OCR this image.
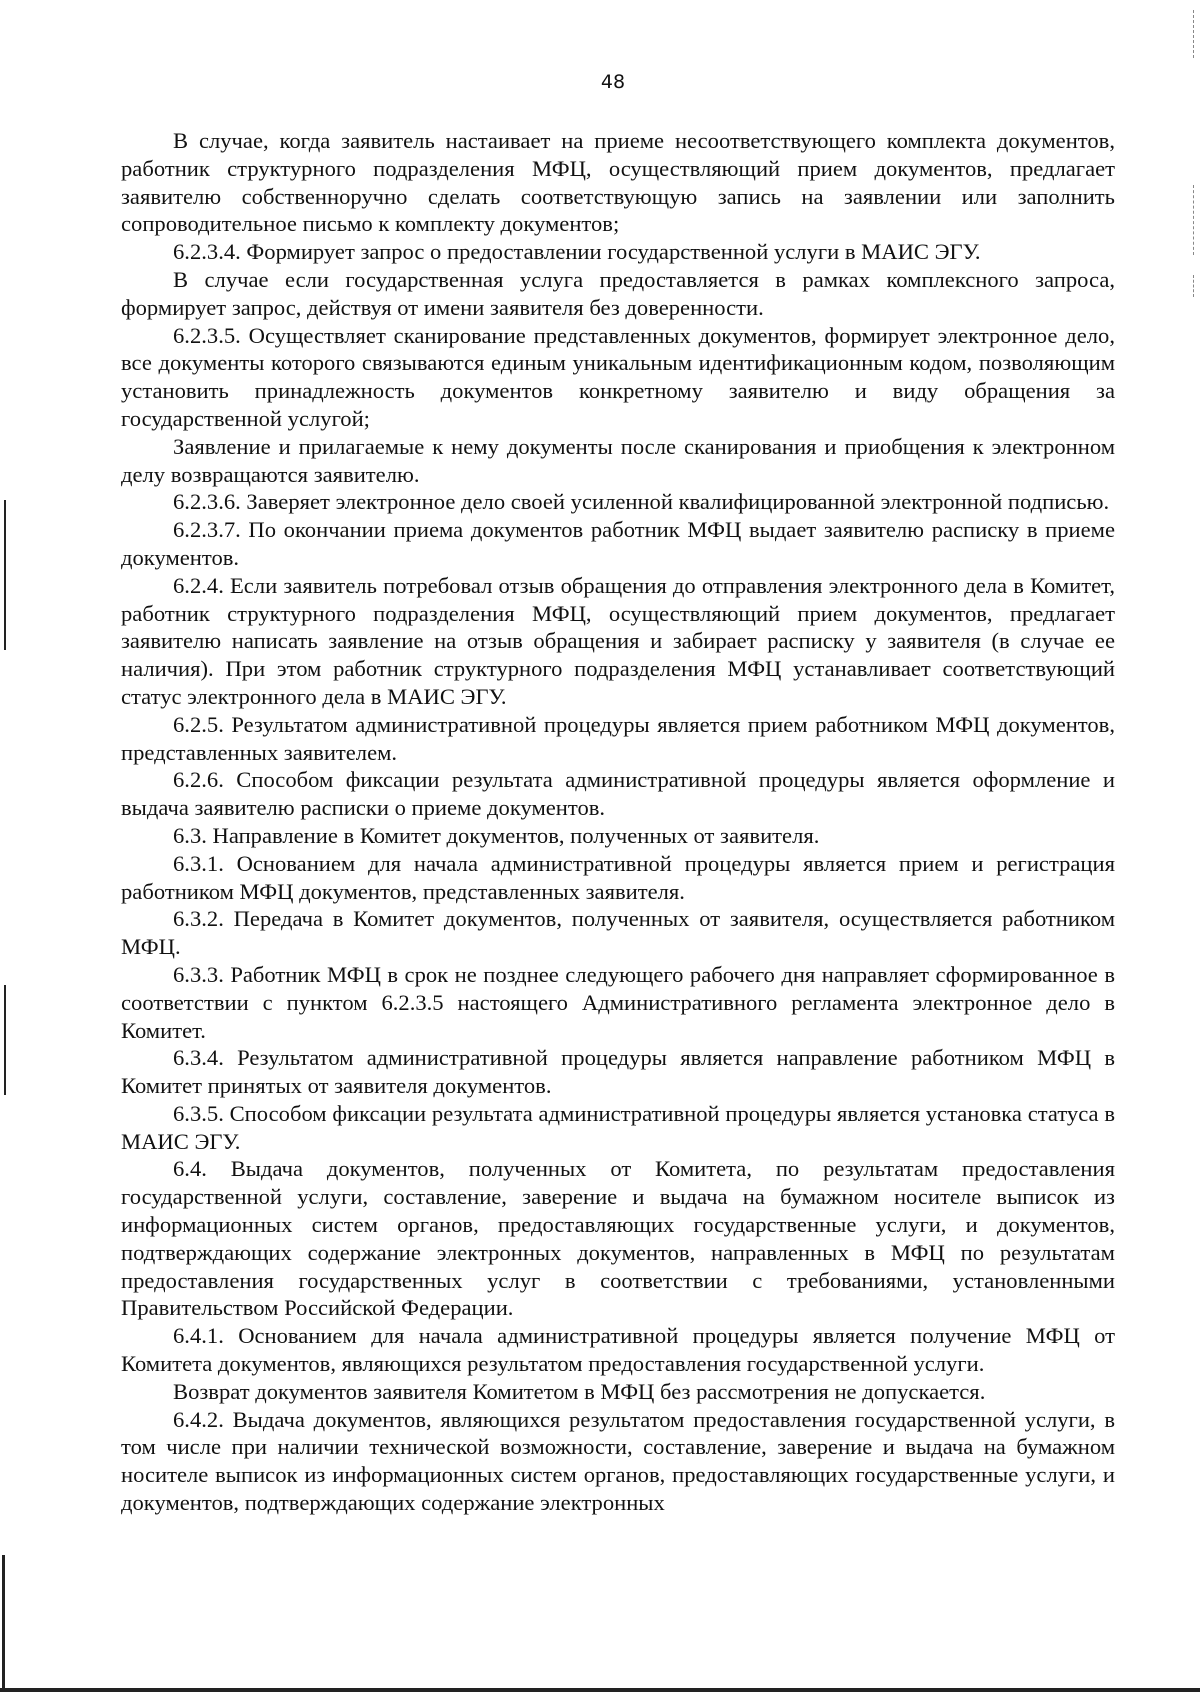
48

В случае, когда заявитель настаивает на приеме несоответствующего комплекта документов, работник структурного подразделения МФЦ, осуществляющий прием документов, предлагает заявителю собственноручно сделать соответствующую запись на заявлении или заполнить сопроводительное письмо к комплекту документов;

6.2.3.4. Формирует запрос о предоставлении государственной услуги в МАИС ЭГУ.

В случае если государственная услуга предоставляется в рамках комплексного запроса, формирует запрос, действуя от имени заявителя без доверенности.

6.2.3.5. Осуществляет сканирование представленных документов, формирует электронное дело, все документы которого связываются единым уникальным идентификационным кодом, позволяющим установить принадлежность документов конкретному заявителю и виду обращения за государственной услугой;

Заявление и прилагаемые к нему документы после сканирования и приобщения к электронном делу возвращаются заявителю.

6.2.3.6. Заверяет электронное дело своей усиленной квалифицированной электронной подписью.

6.2.3.7. По окончании приема документов работник МФЦ выдает заявителю расписку в приеме документов.

6.2.4. Если заявитель потребовал отзыв обращения до отправления электронного дела в Комитет, работник структурного подразделения МФЦ, осуществляющий прием документов, предлагает заявителю написать заявление на отзыв обращения и забирает расписку у заявителя (в случае ее наличия). При этом работник структурного подразделения МФЦ устанавливает соответствующий статус электронного дела в МАИС ЭГУ.

6.2.5. Результатом административной процедуры является прием работником МФЦ документов, представленных заявителем.

6.2.6. Способом фиксации результата административной процедуры является оформление и выдача заявителю расписки о приеме документов.

6.3. Направление в Комитет документов, полученных от заявителя.

6.3.1. Основанием для начала административной процедуры является прием и регистрация работником МФЦ документов, представленных заявителя.

6.3.2. Передача в Комитет документов, полученных от заявителя, осуществляется работником МФЦ.

6.3.3. Работник МФЦ в срок не позднее следующего рабочего дня направляет сформированное в соответствии с пунктом 6.2.3.5 настоящего Административного регламента электронное дело в Комитет.

6.3.4. Результатом административной процедуры является направление работником МФЦ в Комитет принятых от заявителя документов.

6.3.5. Способом фиксации результата административной процедуры является установка статуса в МАИС ЭГУ.

6.4. Выдача документов, полученных от Комитета, по результатам предоставления государственной услуги, составление, заверение и выдача на бумажном носителе выписок из информационных систем органов, предоставляющих государственные услуги, и документов, подтверждающих содержание электронных документов, направленных в МФЦ по результатам предоставления государственных услуг в соответствии с требованиями, установленными Правительством Российской Федерации.

6.4.1. Основанием для начала административной процедуры является получение МФЦ от Комитета документов, являющихся результатом предоставления государственной услуги.

Возврат документов заявителя Комитетом в МФЦ без рассмотрения не допускается.

6.4.2. Выдача документов, являющихся результатом предоставления государственной услуги, в том числе при наличии технической возможности, составление, заверение и выдача на бумажном носителе выписок из информационных систем органов, предоставляющих государственные услуги, и документов, подтверждающих содержание электронных
